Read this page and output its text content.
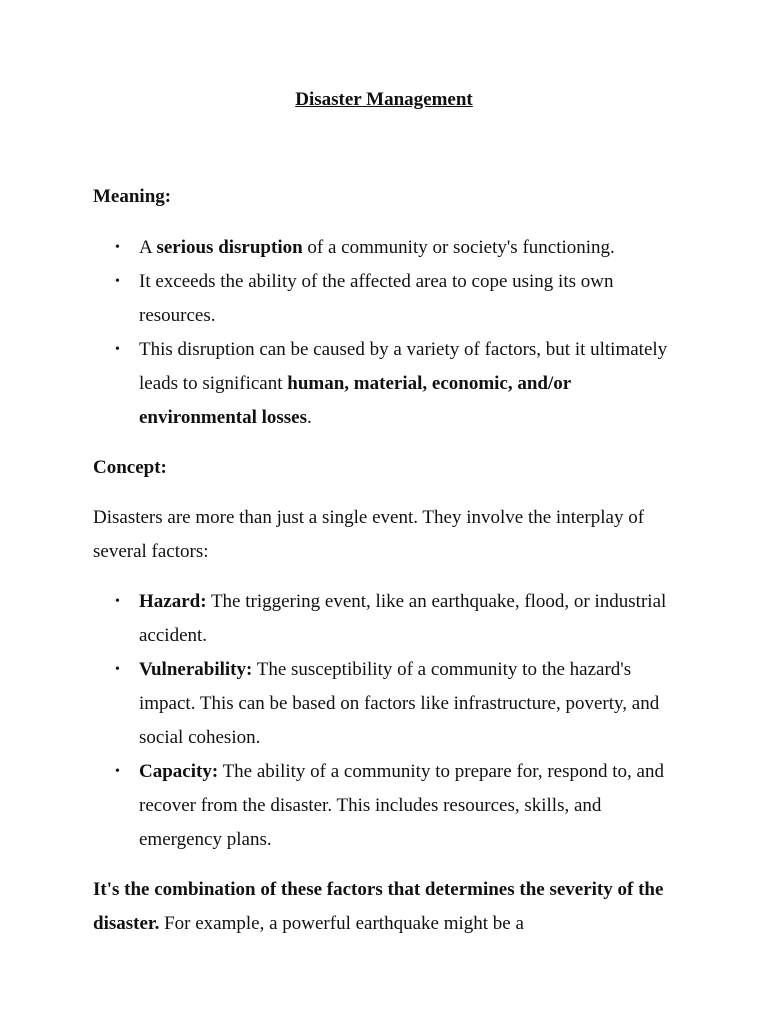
Disaster Management

Meaning:

• A serious disruption of a community or society's functioning.
• It exceeds the ability of the affected area to cope using its own resources.
• This disruption can be caused by a variety of factors, but it ultimately leads to significant human, material, economic, and/or environmental losses.

Concept:

Disasters are more than just a single event. They involve the interplay of several factors:

• Hazard: The triggering event, like an earthquake, flood, or industrial accident.
• Vulnerability: The susceptibility of a community to the hazard's impact. This can be based on factors like infrastructure, poverty, and social cohesion.
• Capacity: The ability of a community to prepare for, respond to, and recover from the disaster. This includes resources, skills, and emergency plans.

It's the combination of these factors that determines the severity of the disaster. For example, a powerful earthquake might be a
